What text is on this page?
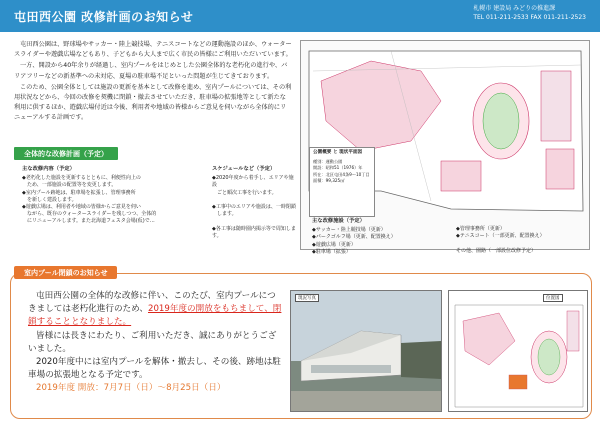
屯田西公園 改修計画のお知らせ
札幌市 建設局 みどりの推進課
TEL 011-211-2533 FAX 011-211-2523

屯田西公園は、野球場やサッカー・陸上競技場、テニスコートなどの運動施設のほか、ウォータースライダーや遊戯広場などもあり、子どもから大人まで広く市民の皆様にご利用いただいています。

一方、開設から40年余りが経過し、室内プールをはじめとした公園全体的な老朽化の進行や、バリアフリーなどの新基準への未対応、夏場の駐車場不足といった問題が生じてきております。

このため、公園全体としては施設の更新を基本として改修を進め、室内プールについては、その利用状況などから、今回の改修を契機に閉鎖・撤去させていただき、駐車場の拡張地等として新たな利用に供するほか、遊戯広場付近は今後、利用者や地域の皆様からご意見を伺いながら全体的にリニューアルする計画です。

公園概要 と 現状平面図
種別：運動公園
開設：昭和51（1976）年
所在：北区屯田4条9～10丁目
面積：99,325㎡
全体的な改修計画（予定）
主な改修内容（予定）
◆老朽化した施設を更新するとともに、利便性向上の
　ため、一部施設の配置等を変更します。
◆室内プール跡地は、駐車場を拡張し、管理事務所
　を新しく建設します。
◆遊戯広場は、利用者や地域の皆様からご意見を伺い
　ながら、既存のウォータースライダーを残しつつ、全体的
　にリニューアルします。また北海道フェスタ会場(仮)で…
スケジュールなど（予定）
◆2020年度から着手し、エリアや施設
　ごと順次工事を行います。

◆工事中のエリアや施設は、一時閉鎖
　します。

◆各工事は随時園内掲示等で周知します。
主な改修施設（予定）
◆サッカー・陸上競技場（更新）
◆パークゴルフ場（更新、配置換え）
◆遊戯広場（更新）
◆駐車場（拡張）
◆管理事務所（更新）
◆テニスコート（一部更新、配置換え）

その他、園路（一部設位改修予定）
室内プール閉鎖のお知らせ
屯田西公園の全体的な改修に伴い、このたび、室内プールにつきましては老朽化進行のため、2019年度の開放をもちまして、閉鎖することとなりました。
皆様には長きにわたり、ご利用いただき、誠にありがとうございました。
2020年度中には室内プールを解体・撤去し、その後、跡地は駐車場の拡張地となる予定です。
2019年度 開放：7月7日（日）～8月25日（日）
現況写真	位置図
